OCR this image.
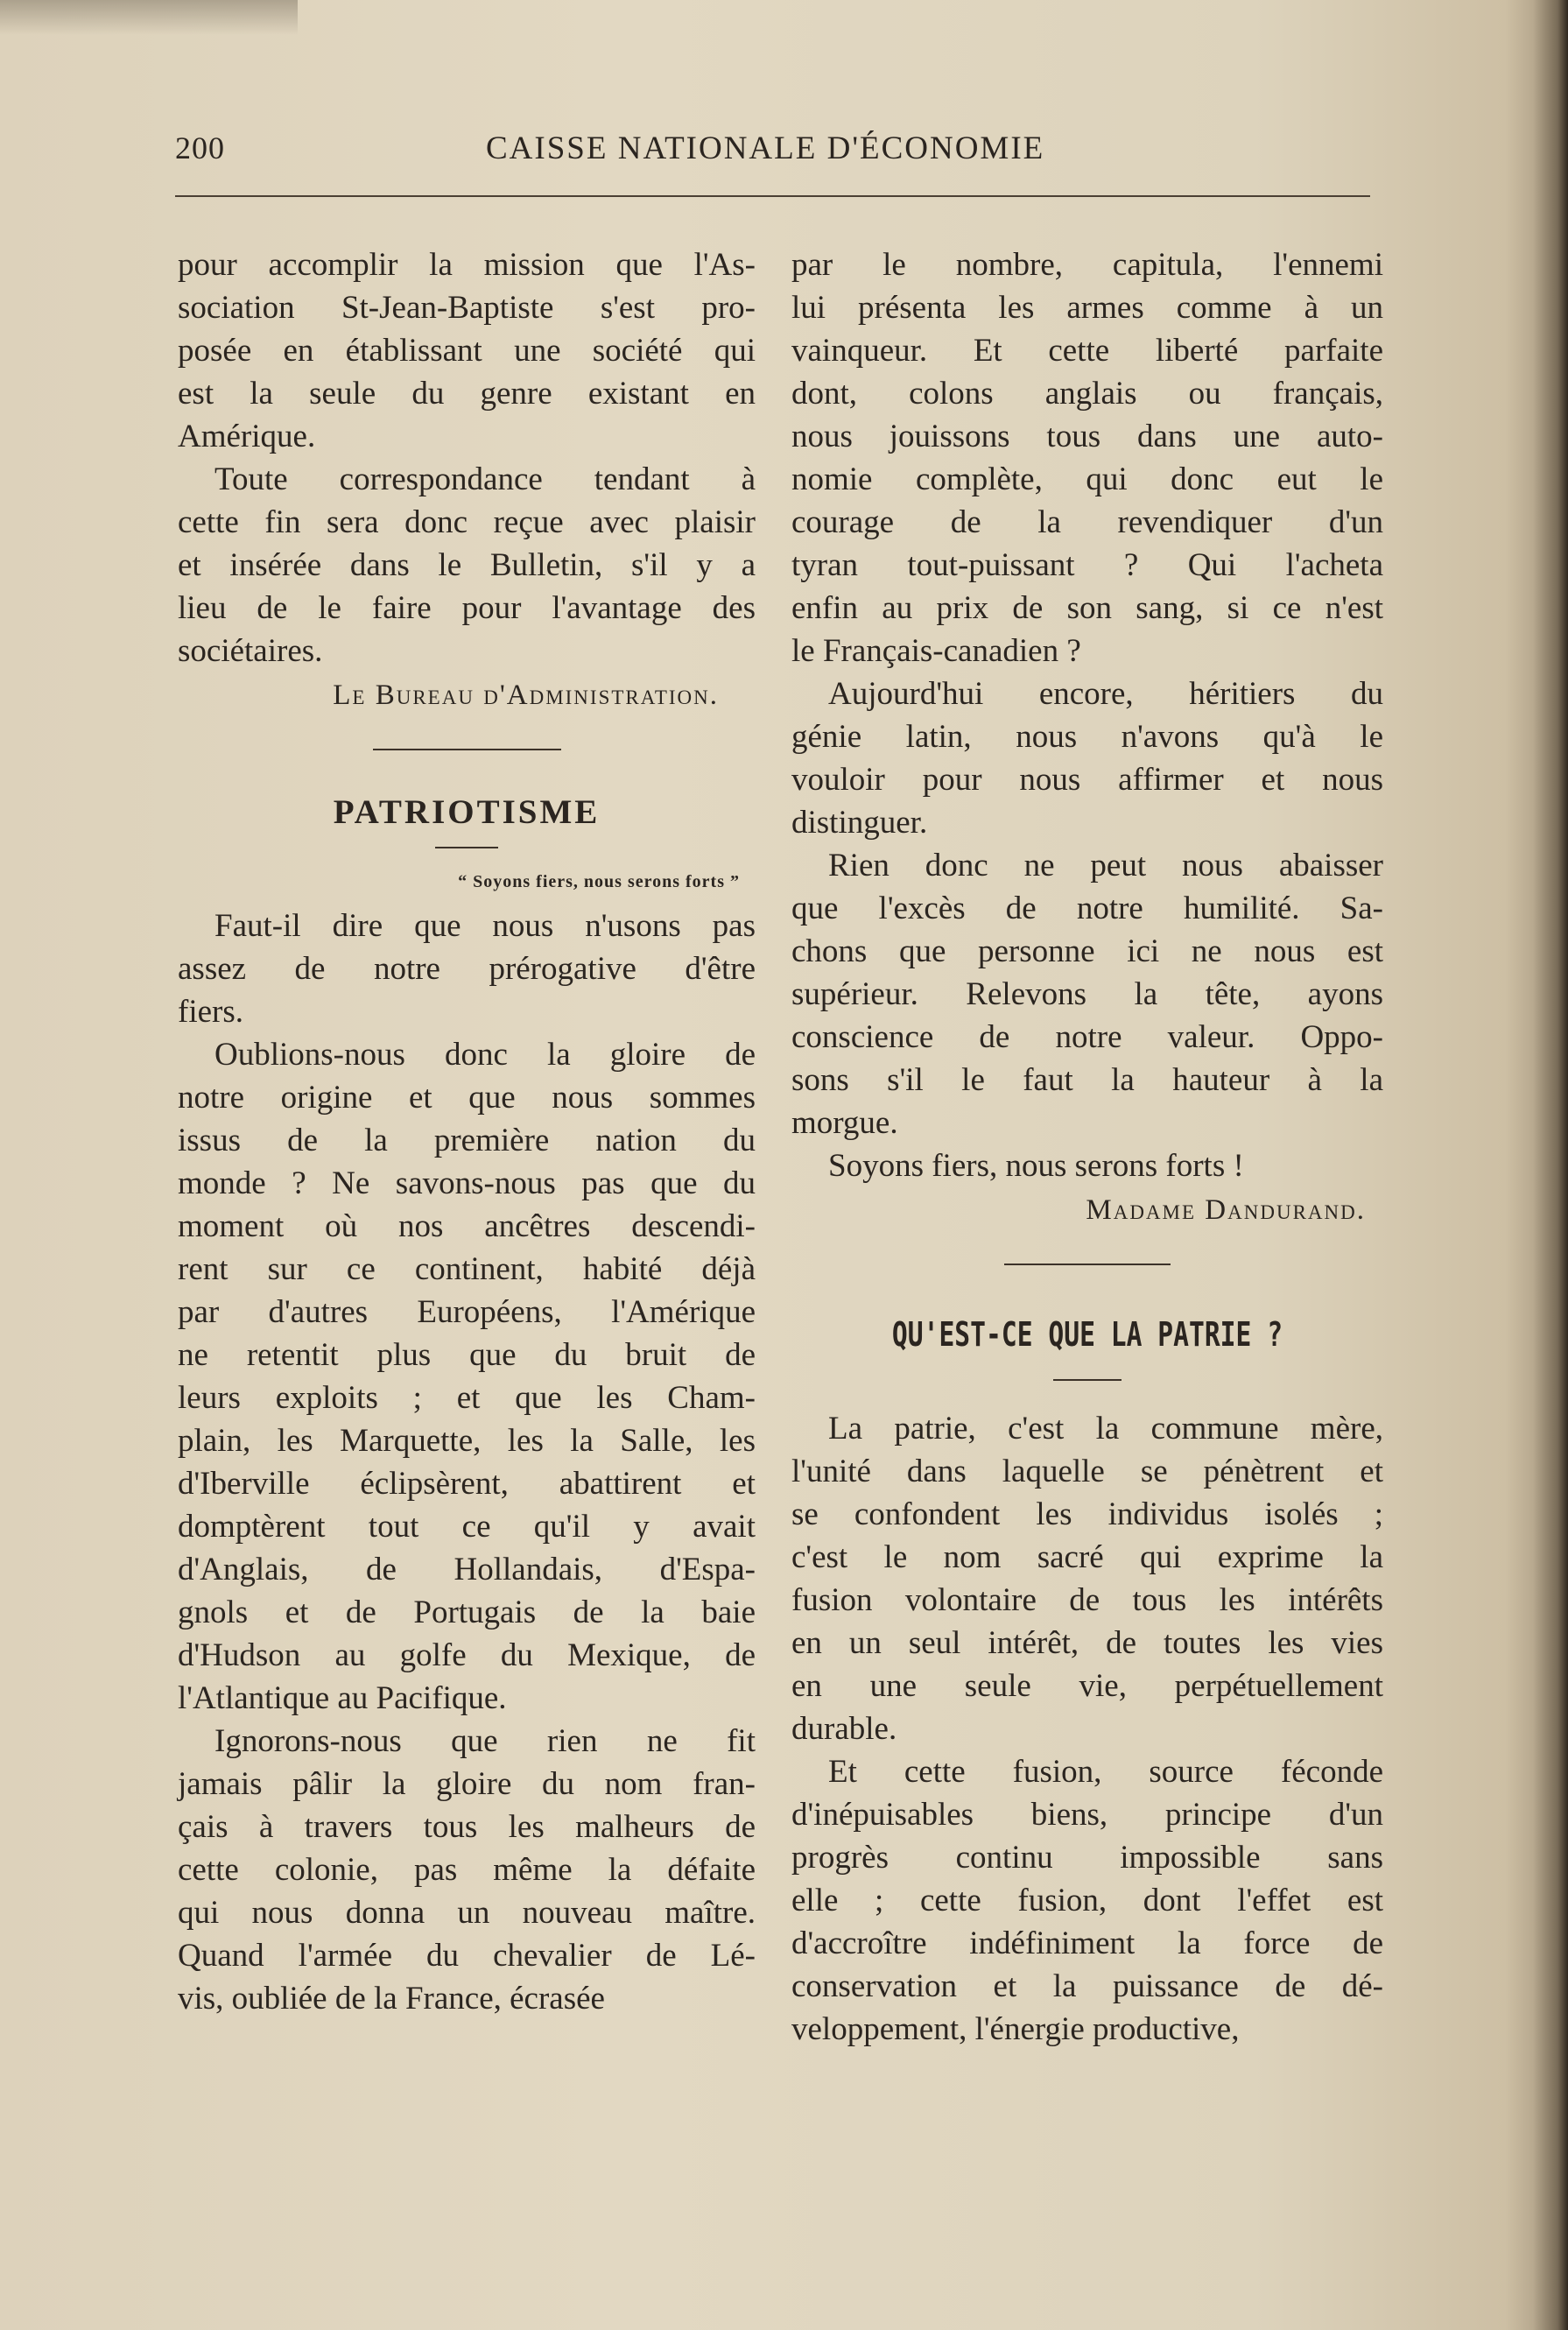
200	CAISSE NATIONALE D'ÉCONOMIE

pour accomplir la mission que l'As-
sociation St-Jean-Baptiste s'est pro-
posée en établissant une société qui
est la seule du genre existant en
Amérique.

Toute correspondance tendant à
cette fin sera donc reçue avec plaisir
et insérée dans le Bulletin, s'il y a
lieu de le faire pour l'avantage des
sociétaires.

Le Bureau d'Administration.
PATRIOTISME
“ Soyons fiers, nous serons forts ”

Faut-il dire que nous n'usons pas
assez de notre prérogative d'être
fiers.

Oublions-nous donc la gloire de
notre origine et que nous sommes
issus de la première nation du
monde ? Ne savons-nous pas que du
moment où nos ancêtres descendi-
rent sur ce continent, habité déjà
par d'autres Européens, l'Amérique
ne retentit plus que du bruit de
leurs exploits ; et que les Cham-
plain, les Marquette, les la Salle, les
d'Iberville éclipsèrent, abattirent et
domptèrent tout ce qu'il y avait
d'Anglais, de Hollandais, d'Espa-
gnols et de Portugais de la baie
d'Hudson au golfe du Mexique, de
l'Atlantique au Pacifique.

Ignorons-nous que rien ne fit
jamais pâlir la gloire du nom fran-
çais à travers tous les malheurs de
cette colonie, pas même la défaite
qui nous donna un nouveau maître.
Quand l'armée du chevalier de Lé-
vis, oubliée de la France, écrasée

par le nombre, capitula, l'ennemi
lui présenta les armes comme à un
vainqueur. Et cette liberté parfaite
dont, colons anglais ou français,
nous jouissons tous dans une auto-
nomie complète, qui donc eut le
courage de la revendiquer d'un
tyran tout-puissant ? Qui l'acheta
enfin au prix de son sang, si ce n'est
le Français-canadien ?

Aujourd'hui encore, héritiers du
génie latin, nous n'avons qu'à le
vouloir pour nous affirmer et nous
distinguer.

Rien donc ne peut nous abaisser
que l'excès de notre humilité. Sa-
chons que personne ici ne nous est
supérieur. Relevons la tête, ayons
conscience de notre valeur. Oppo-
sons s'il le faut la hauteur à la
morgue.

Soyons fiers, nous serons forts !

Madame Dandurand.
QU'EST-CE QUE LA PATRIE ?

La patrie, c'est la commune mère,
l'unité dans laquelle se pénètrent et
se confondent les individus isolés ;
c'est le nom sacré qui exprime la
fusion volontaire de tous les intérêts
en un seul intérêt, de toutes les vies
en une seule vie, perpétuellement
durable.

Et cette fusion, source féconde
d'inépuisables biens, principe d'un
progrès continu impossible sans
elle ; cette fusion, dont l'effet est
d'accroître indéfiniment la force de
conservation et la puissance de dé-
veloppement, l'énergie productive,
